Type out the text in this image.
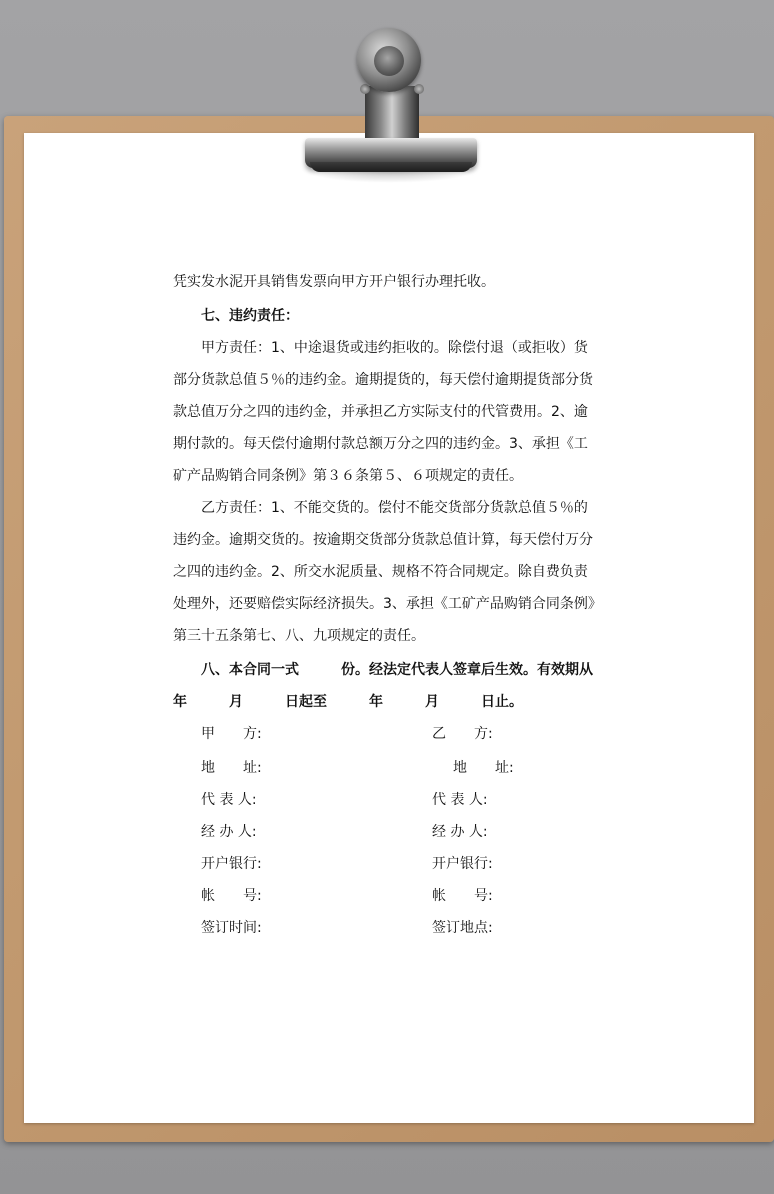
凭实发水泥开具销售发票向甲方开户银行办理托收。
七、违约责任：
甲方责任：1、中途退货或违约拒收的。除偿付退（或拒收）货
部分货款总值５％的违约金。逾期提货的，每天偿付逾期提货部分货
款总值万分之四的违约金，并承担乙方实际支付的代管费用。2、逾
期付款的。每天偿付逾期付款总额万分之四的违约金。3、承担《工
矿产品购销合同条例》第３６条第５、６项规定的责任。
乙方责任：1、不能交货的。偿付不能交货部分货款总值５％的
违约金。逾期交货的。按逾期交货部分货款总值计算，每天偿付万分
之四的违约金。2、所交水泥质量、规格不符合同规定。除自费负责
处理外，还要赔偿实际经济损失。3、承担《工矿产品购销合同条例》
第三十五条第七、八、九项规定的责任。
八、本合同一式　　　份。经法定代表人签章后生效。有效期从
年　　　月　　　日起至　　　年　　　月　　　日止。
甲　　方:
地　　址:
代 表 人:
经 办 人:
开户银行:
帐　　号:
签订时间:
乙　　方:
地　　址:
代 表 人:
经 办 人:
开户银行:
帐　　号:
签订地点:
